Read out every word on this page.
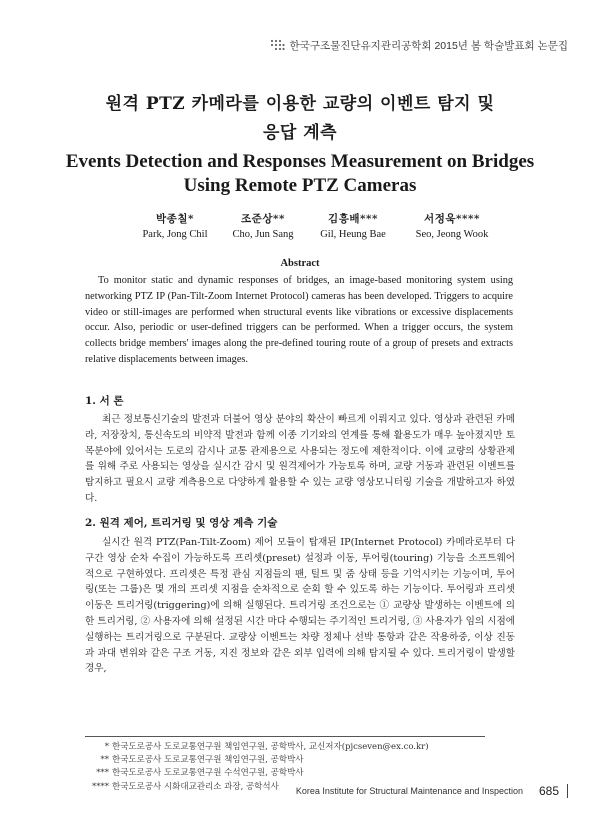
한국구조물진단유지관리공학회 2015년 봄 학술발표회 논문집
원격 PTZ 카메라를 이용한 교량의 이벤트 탐지 및
응답 계측
Events Detection and Responses Measurement on Bridges
Using Remote PTZ Cameras
박종칠*
Park, Jong Chil
조준상**
Cho, Jun Sang
김흥배***
Gil, Heung Bae
서정욱****
Seo, Jeong Wook
Abstract
To monitor static and dynamic responses of bridges, an image-based monitoring system using networking PTZ IP (Pan-Tilt-Zoom Internet Protocol) cameras has been developed. Triggers to acquire video or still-images are performed when structural events like vibrations or excessive displacements occur. Also, periodic or user-defined triggers can be performed. When a trigger occurs, the system collects bridge members' images along the pre-defined touring route of a group of presets and extracts relative displacements between images.
1. 서 론
최근 정보통신기술의 발전과 더불어 영상 분야의 확산이 빠르게 이뤄지고 있다. 영상과 관련된 카메라, 저장장치, 통신속도의 비약적 발전과 함께 이종 기기와의 연계를 통해 활용도가 매우 높아졌지만 토목분야에 있어서는 도로의 감시나 교통 관제용으로 사용되는 정도에 제한적이다. 이에 교량의 상황관제를 위해 주로 사용되는 영상을 실시간 감시 및 원격제어가 가능토록 하며, 교량 거동과 관련된 이벤트를 탐지하고 필요시 교량 계측용으로 다양하게 활용할 수 있는 교량 영상모니터링 기술을 개발하고자 하였다.
2. 원격 제어, 트리거링 및 영상 계측 기술
실시간 원격 PTZ(Pan-Tilt-Zoom) 제어 모듈이 탑재된 IP(Internet Protocol) 카메라로부터 다구간 영상 순차 수집이 가능하도록 프리셋(preset) 설정과 이동, 투어링(touring) 기능을 소프트웨어적으로 구현하였다. 프리셋은 특정 관심 지점들의 팬, 틸트 및 줌 상태 등을 기억시키는 기능이며, 투어링(또는 그룹)은 몇 개의 프리셋 지점을 순차적으로 순회 할 수 있도록 하는 기능이다. 투어링과 프리셋 이동은 트리거링(triggering)에 의해 실행된다. 트리거링 조건으로는 ① 교량상 발생하는 이벤트에 의한 트리거링, ② 사용자에 의해 설정된 시간 마다 수행되는 주기적인 트리거링, ③ 사용자가 임의 시점에 실행하는 트리거링으로 구분된다. 교량상 이벤트는 차량 정체나 선박 통항과 같은 작용하중, 이상 진동과 과대 변위와 같은 구조 거동, 지진 정보와 같은 외부 입력에 의해 탐지될 수 있다. 트리거링이 발생할 경우,
* 한국도로공사 도로교통연구원 책임연구원, 공학박사, 교신저자(pjcseven@ex.co.kr)
** 한국도로공사 도로교통연구원 책임연구원, 공학박사
*** 한국도로공사 도로교통연구원 수석연구원, 공학박사
**** 한국도로공사 시화대교관리소 과장, 공학석사 Korea Institute for Structural Maintenance and Inspection	685
